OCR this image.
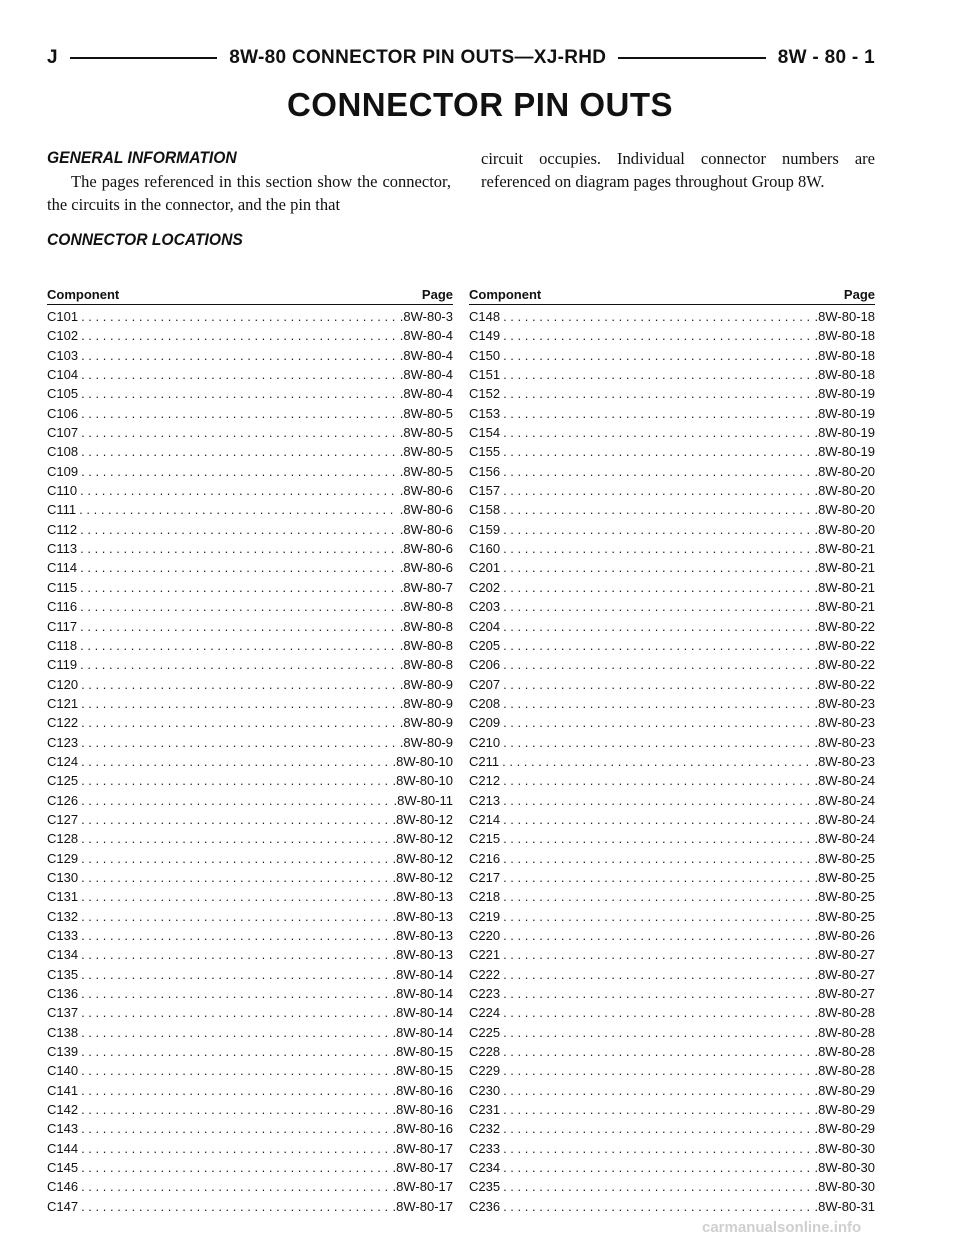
J	8W-80 CONNECTOR PIN OUTS—XJ-RHD	8W - 80 - 1
CONNECTOR PIN OUTS
GENERAL INFORMATION

The pages referenced in this section show the connector, the circuits in the connector, and the pin that

circuit occupies. Individual connector numbers are referenced on diagram pages throughout Group 8W.

CONNECTOR LOCATIONS
Component	Page
C101 . . .	.8W-80-3
C102 . . .	.8W-80-4
C103 . . .	.8W-80-4
C104 . . .	.8W-80-4
C105 . . .	.8W-80-4
C106 . . .	.8W-80-5
C107 . . .	.8W-80-5
C108 . . .	.8W-80-5
C109 . . .	.8W-80-5
C110 . . .	.8W-80-6
C111 . . .	.8W-80-6
C112 . . .	.8W-80-6
C113 . . .	.8W-80-6
C114 . . .	.8W-80-6
C115 . . .	.8W-80-7
C116 . . .	.8W-80-8
C117 . . .	.8W-80-8
C118 . . .	.8W-80-8
C119 . . .	.8W-80-8
C120 . . .	.8W-80-9
C121 . . .	.8W-80-9
C122 . . .	.8W-80-9
C123 . . .	.8W-80-9
C124 . . .	.8W-80-10
C125 . . .	.8W-80-10
C126 . . .	.8W-80-11
C127 . . .	.8W-80-12
C128 . . .	.8W-80-12
C129 . . .	.8W-80-12
C130 . . .	.8W-80-12
C131 . . .	.8W-80-13
C132 . . .	.8W-80-13
C133 . . .	.8W-80-13
C134 . . .	.8W-80-13
C135 . . .	.8W-80-14
C136 . . .	.8W-80-14
C137 . . .	.8W-80-14
C138 . . .	.8W-80-14
C139 . . .	.8W-80-15
C140 . . .	.8W-80-15
C141 . . .	.8W-80-16
C142 . . .	.8W-80-16
C143 . . .	.8W-80-16
C144 . . .	.8W-80-17
C145 . . .	.8W-80-17
C146 . . .	.8W-80-17
C147 . . .	.8W-80-17
Component	Page
C148 . . .	.8W-80-18
C149 . . .	.8W-80-18
C150 . . .	.8W-80-18
C151 . . .	.8W-80-18
C152 . . .	.8W-80-19
C153 . . .	.8W-80-19
C154 . . .	.8W-80-19
C155 . . .	.8W-80-19
C156 . . .	.8W-80-20
C157 . . .	.8W-80-20
C158 . . .	.8W-80-20
C159 . . .	.8W-80-20
C160 . . .	.8W-80-21
C201 . . .	.8W-80-21
C202 . . .	.8W-80-21
C203 . . .	.8W-80-21
C204 . . .	.8W-80-22
C205 . . .	.8W-80-22
C206 . . .	.8W-80-22
C207 . . .	.8W-80-22
C208 . . .	.8W-80-23
C209 . . .	.8W-80-23
C210 . . .	.8W-80-23
C211 . . .	.8W-80-23
C212 . . .	.8W-80-24
C213 . . .	.8W-80-24
C214 . . .	.8W-80-24
C215 . . .	.8W-80-24
C216 . . .	.8W-80-25
C217 . . .	.8W-80-25
C218 . . .	.8W-80-25
C219 . . .	.8W-80-25
C220 . . .	.8W-80-26
C221 . . .	.8W-80-27
C222 . . .	.8W-80-27
C223 . . .	.8W-80-27
C224 . . .	.8W-80-28
C225 . . .	.8W-80-28
C228 . . .	.8W-80-28
C229 . . .	.8W-80-28
C230 . . .	.8W-80-29
C231 . . .	.8W-80-29
C232 . . .	.8W-80-29
C233 . . .	.8W-80-30
C234 . . .	.8W-80-30
C235 . . .	.8W-80-30
C236 . . .	.8W-80-31
carmanualsonline.info
